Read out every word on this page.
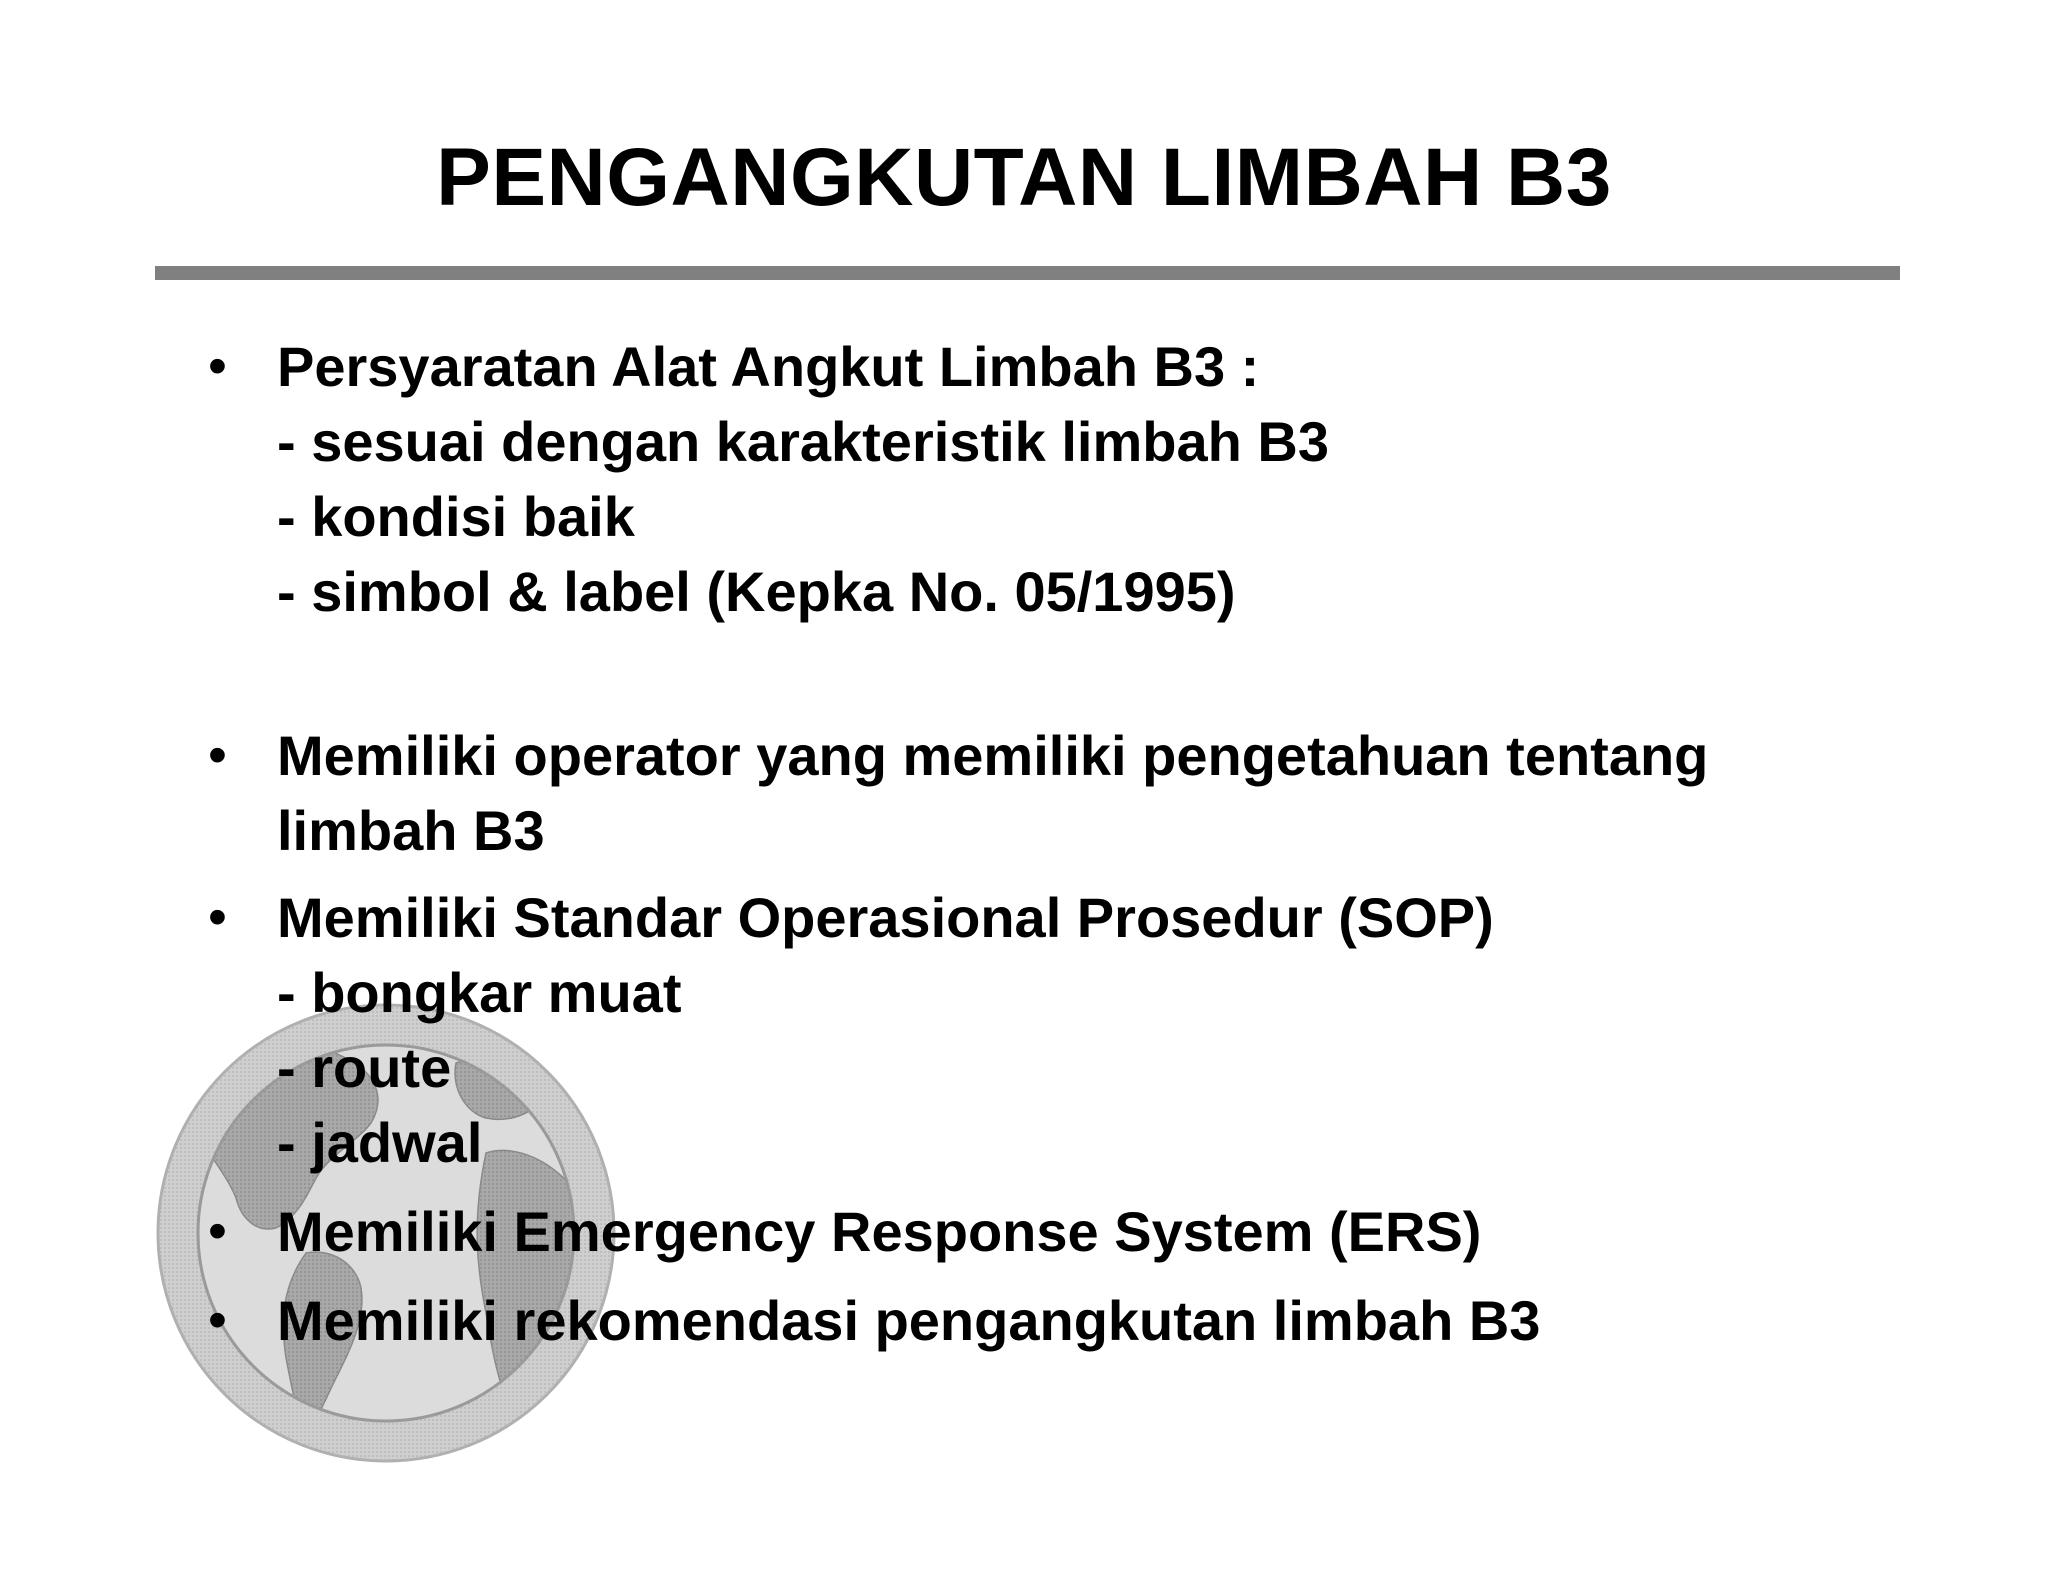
PENGANGKUTAN LIMBAH B3
• Persyaratan Alat Angkut Limbah B3 :
- sesuai dengan karakteristik limbah B3
- kondisi baik
- simbol & label (Kepka No. 05/1995)
• Memiliki operator yang memiliki pengetahuan tentang
limbah B3
• Memiliki Standar Operasional Prosedur (SOP)
- bongkar muat
- route
- jadwal
• Memiliki Emergency Response System (ERS)
• Memiliki rekomendasi pengangkutan limbah B3
